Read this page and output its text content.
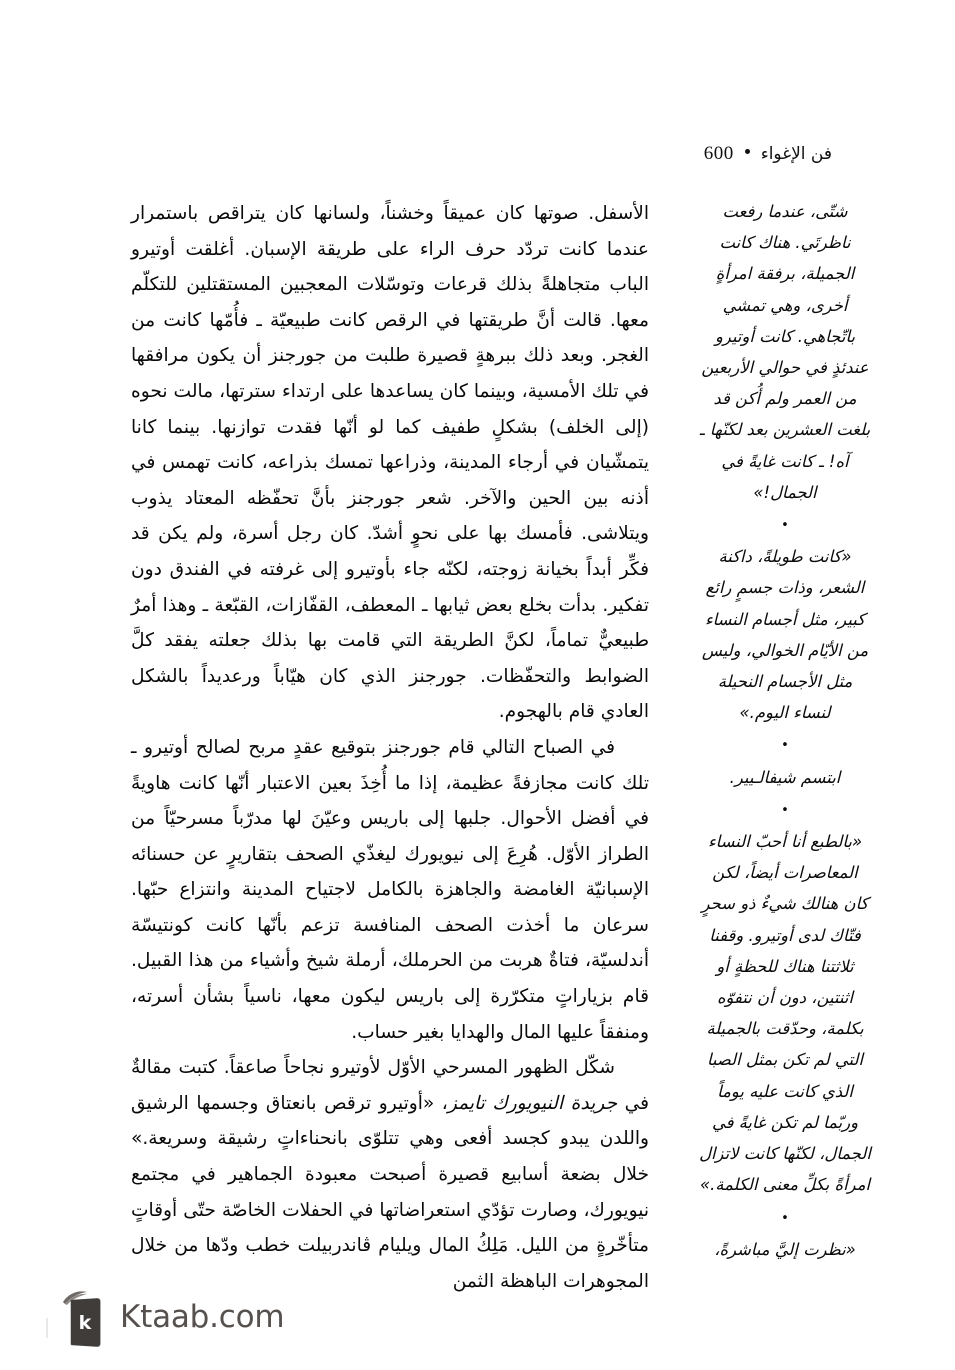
فن الإغواء
600

الأسفل. صوتها كان عميقاً وخشناً، ولسانها كان يتراقص باستمرار عندما كانت تردّد حرف الراء على طريقة الإسبان. أغلقت أوتيرو الباب متجاهلةً بذلك قرعات وتوسّلات المعجبين المستقتلين للتكلّم معها. قالت أنَّ طريقتها في الرقص كانت طبيعيّة ـ فأُمّها كانت من الغجر. وبعد ذلك ببرهةٍ قصيرة طلبت من جورجنز أن يكون مرافقها في تلك الأمسية، وبينما كان يساعدها على ارتداء سترتها، مالت نحوه (إلى الخلف) بشكلٍ طفيف كما لو أنّها فقدت توازنها. بينما كانا يتمشّيان في أرجاء المدينة، وذراعها تمسك بذراعه، كانت تهمس في أذنه بين الحين والآخر. شعر جورجنز بأنَّ تحفّظه المعتاد يذوب ويتلاشى. فأمسك بها على نحوٍ أشدّ. كان رجل أسرة، ولم يكن قد فكِّر أبداً بخيانة زوجته، لكنّه جاء بأوتيرو إلى غرفته في الفندق دون تفكير. بدأت بخلع بعض ثيابها ـ المعطف، القفّازات، القبّعة ـ وهذا أمرٌ طبيعيٌّ تماماً، لكنَّ الطريقة التي قامت بها بذلك جعلته يفقد كلَّ الضوابط والتحفّظات. جورجنز الذي كان هيّاباً ورعديداً بالشكل العادي قام بالهجوم.

في الصباح التالي قام جورجنز بتوقيع عقدٍ مربح لصالح أوتيرو ـ تلك كانت مجازفةً عظيمة، إذا ما أُخِذَ بعين الاعتبار أنّها كانت هاويةً في أفضل الأحوال. جلبها إلى باريس وعيّنَ لها مدرّباً مسرحيّاً من الطراز الأوّل. هُرِعَ إلى نيويورك ليغذّي الصحف بتقاريرٍ عن حسنائه الإسبانيّة الغامضة والجاهزة بالكامل لاجتياح المدينة وانتزاع حبّها. سرعان ما أخذت الصحف المنافسة تزعم بأنّها كانت كونتيسّة أندلسيّة، فتاةٌ هربت من الحرملك، أرملة شيخ وأشياء من هذا القبيل. قام بزياراتٍ متكرّرة إلى باريس ليكون معها، ناسياً بشأن أسرته، ومنفقاً عليها المال والهدايا بغير حساب.

شكّل الظهور المسرحي الأوّل لأوتيرو نجاحاً صاعقاً. كتبت مقالةٌ في جريدة النيويورك تايمز، «أوتيرو ترقص بانعتاق وجسمها الرشيق واللدن يبدو كجسد أفعى وهي تتلوّى بانحناءاتٍ رشيقة وسريعة.» خلال بضعة أسابيع قصيرة أصبحت معبودة الجماهير في مجتمع نيويورك، وصارت تؤدّي استعراضاتها في الحفلات الخاصّة حتّى أوقاتٍ متأخّرةٍ من الليل. مَلِكُ المال ويليام ڤاندربيلت خطب ودّها من خلال المجوهرات الباهظة الثمن

شتّى، عندما رفعت ناظرتَي. هناك كانت الجميلة، برفقة امرأةٍ أخرى، وهي تمشي باتّجاهي. كانت أوتيرو عندئذٍ في حوالي الأربعين من العمر ولم أُكن قد بلغت العشرين بعد لكنّها ـ آه! ـ كانت غايةً في الجمال!»

•

«كانت طويلةً، داكنة الشعر، وذات جسمٍ رائع كبير، مثل أجسام النساء من الأيّام الخوالي، وليس مثل الأجسام النحيلة لنساء اليوم.»

•

ابتسم شيفالـيير.

•

«بالطبع أنا أحبّ النساء المعاصرات أيضاً، لكن كان هنالك شيءٌ ذو سحرٍ فتّاك لدى أوتيرو. وقفنا ثلاثتنا هناك للحظةٍ أو اثنتين، دون أن نتفوّه بكلمة، وحدّقت بالجميلة التي لم تكن بمثل الصبا الذي كانت عليه يوماً وربّما لم تكن غايةً في الجمال، لكنّها كانت لاتزال امرأةً بكلِّ معنى الكلمة.»

•

«نظرت إليَّ مباشرةً،

k Ktaab.com
